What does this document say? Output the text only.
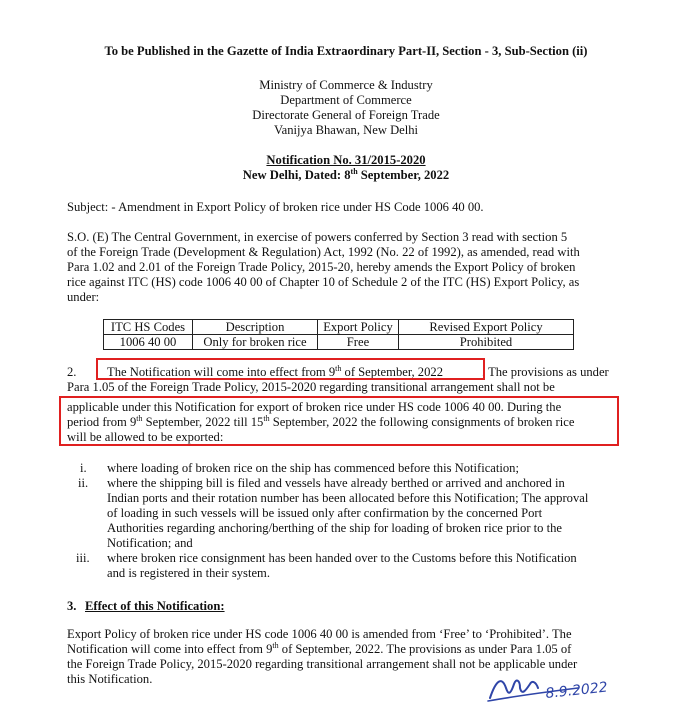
To be Published in the Gazette of India Extraordinary Part-II, Section - 3, Sub-Section (ii)
Ministry of Commerce & Industry
Department of Commerce
Directorate General of Foreign Trade
Vanijya Bhawan, New Delhi
Notification No. 31/2015-2020
New Delhi, Dated: 8th September, 2022
Subject: - Amendment in Export Policy of broken rice under HS Code 1006 40 00.
S.O. (E) The Central Government, in exercise of powers conferred by Section 3 read with section 5
of the Foreign Trade (Development & Regulation) Act, 1992 (No. 22 of 1992), as amended, read with
Para 1.02 and 2.01 of the Foreign Trade Policy, 2015-20, hereby amends the Export Policy of broken
rice against ITC (HS) code 1006 40 00 of Chapter 10 of Schedule 2 of the ITC (HS) Export Policy, as
under:
ITC HS Codes	Description	Export Policy	Revised Export Policy
1006 40 00	Only for broken rice	Free	Prohibited
2. The Notification will come into effect from 9th of September, 2022	. The provisions as under
Para 1.05 of the Foreign Trade Policy, 2015-2020 regarding transitional arrangement shall not be
applicable under this Notification for export of broken rice under HS code 1006 40 00. During the
period from 9th September, 2022 till 15th September, 2022 the following consignments of broken rice
will be allowed to be exported:
i. where loading of broken rice on the ship has commenced before this Notification;
ii. where the shipping bill is filed and vessels have already berthed or arrived and anchored in
Indian ports and their rotation number has been allocated before this Notification; The approval
of loading in such vessels will be issued only after confirmation by the concerned Port
Authorities regarding anchoring/berthing of the ship for loading of broken rice prior to the
Notification; and
iii. where broken rice consignment has been handed over to the Customs before this Notification
and is registered in their system.
3. Effect of this Notification:
Export Policy of broken rice under HS code 1006 40 00 is amended from ‘Free’ to ‘Prohibited’. The
Notification will come into effect from 9th of September, 2022. The provisions as under Para 1.05 of
the Foreign Trade Policy, 2015-2020 regarding transitional arrangement shall not be applicable under
this Notification.
8.9.2022
